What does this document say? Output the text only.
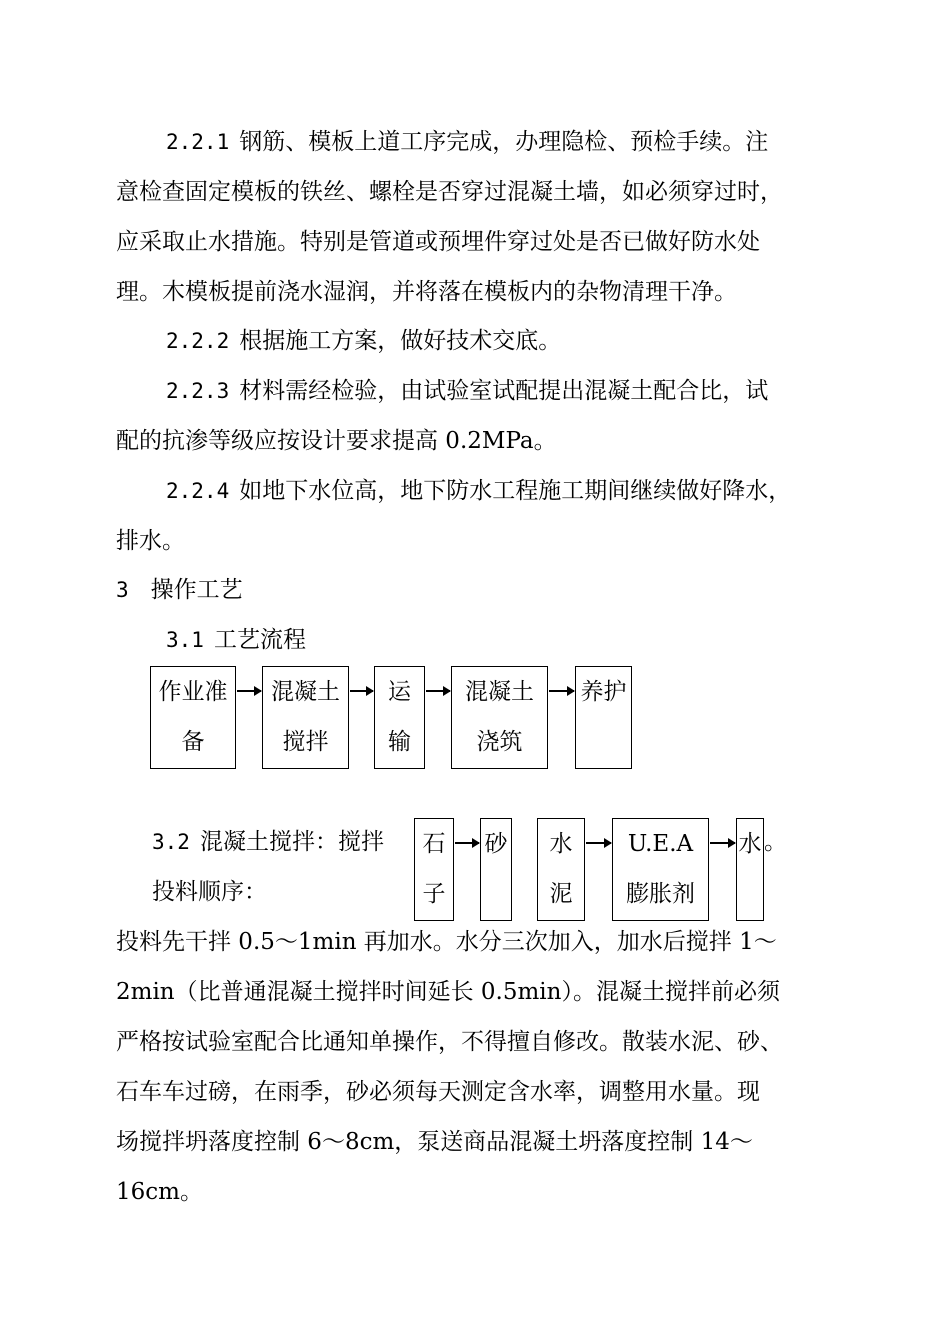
2.2.1 钢筋、模板上道工序完成，办理隐检、预检手续。注
意检查固定模板的铁丝、螺栓是否穿过混凝土墙，如必须穿过时，
应采取止水措施。特别是管道或预埋件穿过处是否已做好防水处
理。木模板提前浇水湿润，并将落在模板内的杂物清理干净。
2.2.2 根据施工方案，做好技术交底。
2.2.3 材料需经检验，由试验室试配提出混凝土配合比，试
配的抗渗等级应按设计要求提高 0.2MPa。
2.2.4 如地下水位高，地下防水工程施工期间继续做好降水，
排水。
3 操作工艺
3.1 工艺流程
作业准
备
混凝土
搅拌
运
输
混凝土
浇筑
养护
3.2 混凝土搅拌：搅拌
投料顺序：
石
子
砂	水
泥
U.E.A
膨胀剂
水 。
投料先干拌 0.5～1min 再加水。水分三次加入，加水后搅拌 1～
2min（比普通混凝土搅拌时间延长 0.5min）。混凝土搅拌前必须
严格按试验室配合比通知单操作，不得擅自修改。散装水泥、砂、
石车车过磅，在雨季，砂必须每天测定含水率，调整用水量。现
场搅拌坍落度控制 6～8cm，泵送商品混凝土坍落度控制 14～
16cm。
